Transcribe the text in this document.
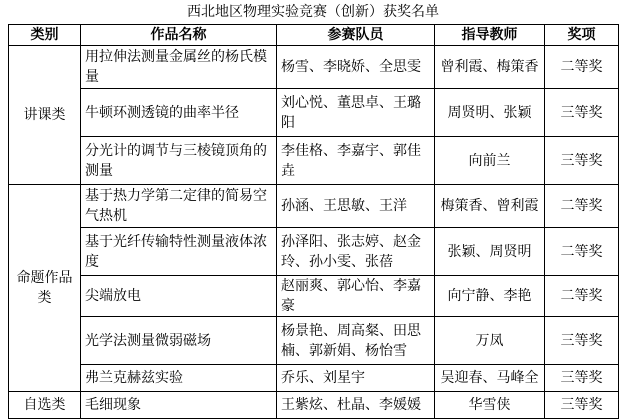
西北地区物理实验竞赛（创新）获奖名单
类别	作品名称	参赛队员	指导教师	奖项
讲课类	用拉伸法测量金属丝的杨氏模量	杨雪、李晓娇、全思雯	曾利霞、梅策香	二等奖
	牛顿环测透镜的曲率半径	刘心悦、董思卓、王璐阳	周贤明、张颖	三等奖
	分光计的调节与三棱镜顶角的测量	李佳格、李嘉宇、郭佳垚	向前兰	三等奖
命题作品类	基于热力学第二定律的简易空气热机	孙涵、王思敏、王洋	梅策香、曾利霞	二等奖
	基于光纤传输特性测量液体浓度	孙泽阳、张志婷、赵金玲、孙小雯、张蓓	张颖、周贤明	二等奖
	尖端放电	赵丽爽、郭心怡、李嘉豪	向宁静、李艳	二等奖
	光学法测量微弱磁场	杨景艳、周高粲、田思楠、郭新娟、杨怡雪	万凤	三等奖
	弗兰克赫兹实验	乔乐、刘星宇	吴迎春、马峰全	三等奖
自选类	毛细现象	王紫炫、杜晶、李媛媛	华雪侠	三等奖
